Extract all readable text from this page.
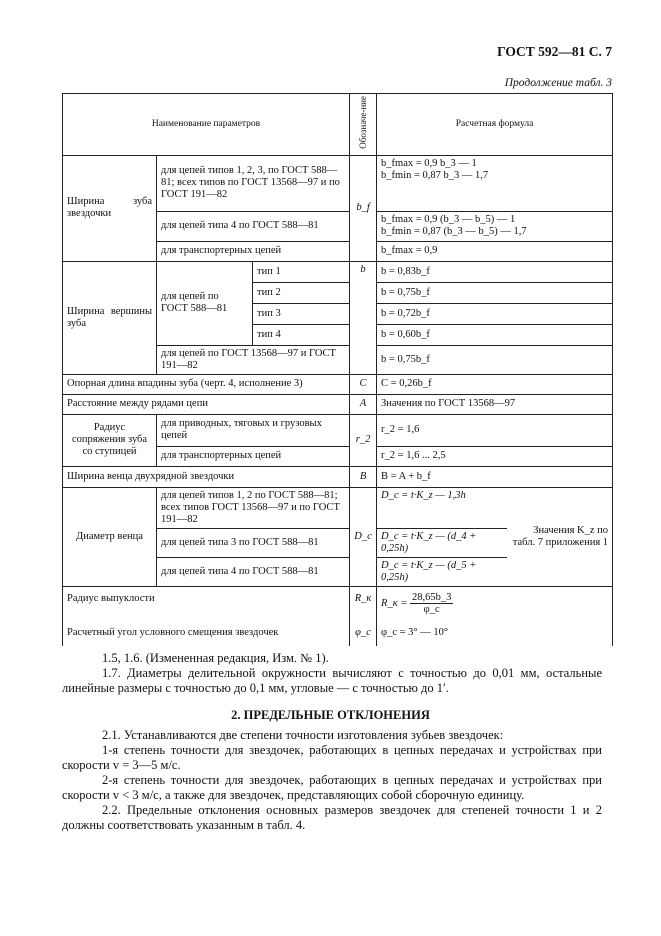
ГОСТ 592—81 С. 7
Продолжение табл. 3
Наименование параметров			Обозначе-ние	Расчетная формула	
Ширина зуба звездочки	для цепей типов 1, 2, 3, по ГОСТ 588—81; всех типов по ГОСТ 13568—97 и по ГОСТ 191—82		b_f	b_fmax = 0,9 b_3 — 1
b_fmin = 0,87 b_3 — 1,7	

	для цепей типа 4 по ГОСТ 588—81			b_fmax = 0,9 (b_3 — b_5) — 1
b_fmin = 0,87 (b_3 — b_5) — 1,7	

	для транспортерных цепей			b_fmax = 0,9	
Ширина вершины зуба	для цепей по ГОСТ 588—81	тип 1	b	b = 0,83b_f	
		тип 2		b = 0,75b_f	
		тип 3		b = 0,72b_f	
		тип 4		b = 0,60b_f	
	для цепей по ГОСТ 13568—97 и ГОСТ 191—82			b = 0,75b_f	
Опорная длина впадины зуба (черт. 4, исполнение 3)			C	C = 0,26b_f	
Расстояние между рядами цепи			A	Значения по ГОСТ 13568—97	
Радиус сопряжения зуба со ступицей	для приводных, тяговых и грузовых цепей		r_2	r_2 = 1,6	
	для транспортерных цепей			r_2 = 1,6 ... 2,5	
Ширина венца двухрядной звездочки			B	B = A + b_f	
Диаметр венца	для цепей типов 1, 2 по ГОСТ 588—81; всех типов ГОСТ 13568—97 и по ГОСТ 191—82		D_c	D_c = t·K_z — 1,3h	Значения K_z по табл. 7 приложения 1
	для цепей типа 3 по ГОСТ 588—81			D_c = t·K_z — (d_4 + 0,25h)	
	для цепей типа 4 по ГОСТ 588—81			D_c = t·K_z — (d_5 + 0,25h)	
Радиус выпуклости			R_к	R_к = $\frac{28,65b\_3}{\varphi\_c}$

Расчетный угол условного смещения звездочек			φ_c	φ_c = 3° — 10°	

1.5, 1.6. (Измененная редакция, Изм. № 1).

1.7. Диаметры делительной окружности вычисляют с точностью до 0,01 мм, остальные линейные размеры с точностью до 0,1 мм, угловые — с точностью до 1′.

2. ПРЕДЕЛЬНЫЕ ОТКЛОНЕНИЯ

2.1. Устанавливаются две степени точности изготовления зубьев звездочек:

1-я степень точности для звездочек, работающих в цепных передачах и устройствах при скорости v = 3—5 м/с.

2-я степень точности для звездочек, работающих в цепных передачах и устройствах при скорости v < 3 м/с, а также для звездочек, представляющих собой сборочную единицу.

2.2. Предельные отклонения основных размеров звездочек для степеней точности 1 и 2 должны соответствовать указанным в табл. 4.
